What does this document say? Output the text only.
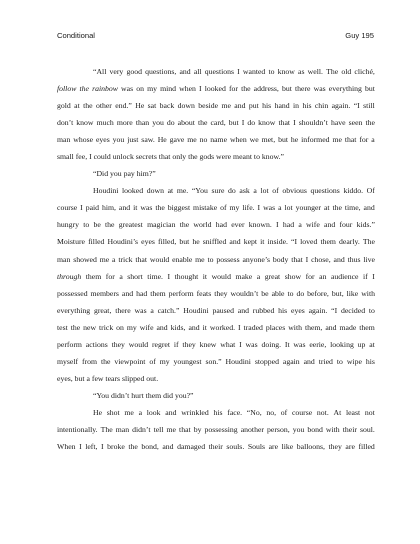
Conditional	Guy 195
“All very good questions, and all questions I wanted to know as well. The old cliché,
follow the rainbow was on my mind when I looked for the address, but there was everything but
gold at the other end.” He sat back down beside me and put his hand in his chin again. “I still
don’t know much more than you do about the card, but I do know that I shouldn’t have seen the
man whose eyes you just saw. He gave me no name when we met, but he informed me that for a
small fee, I could unlock secrets that only the gods were meant to know.”
“Did you pay him?”
Houdini looked down at me. “You sure do ask a lot of obvious questions kiddo. Of
course I paid him, and it was the biggest mistake of my life. I was a lot younger at the time, and
hungry to be the greatest magician the world had ever known. I had a wife and four kids.”
Moisture filled Houdini’s eyes filled, but he sniffled and kept it inside. “I loved them dearly. The
man showed me a trick that would enable me to possess anyone’s body that I chose, and thus live
through them for a short time. I thought it would make a great show for an audience if I
possessed members and had them perform feats they wouldn’t be able to do before, but, like with
everything great, there was a catch.” Houdini paused and rubbed his eyes again. “I decided to
test the new trick on my wife and kids, and it worked. I traded places with them, and made them
perform actions they would regret if they knew what I was doing. It was eerie, looking up at
myself from the viewpoint of my youngest son.” Houdini stopped again and tried to wipe his
eyes, but a few tears slipped out.
“You didn’t hurt them did you?”
He shot me a look and wrinkled his face. “No, no, of course not. At least not
intentionally. The man didn’t tell me that by possessing another person, you bond with their soul.
When I left, I broke the bond, and damaged their souls. Souls are like balloons, they are filled
